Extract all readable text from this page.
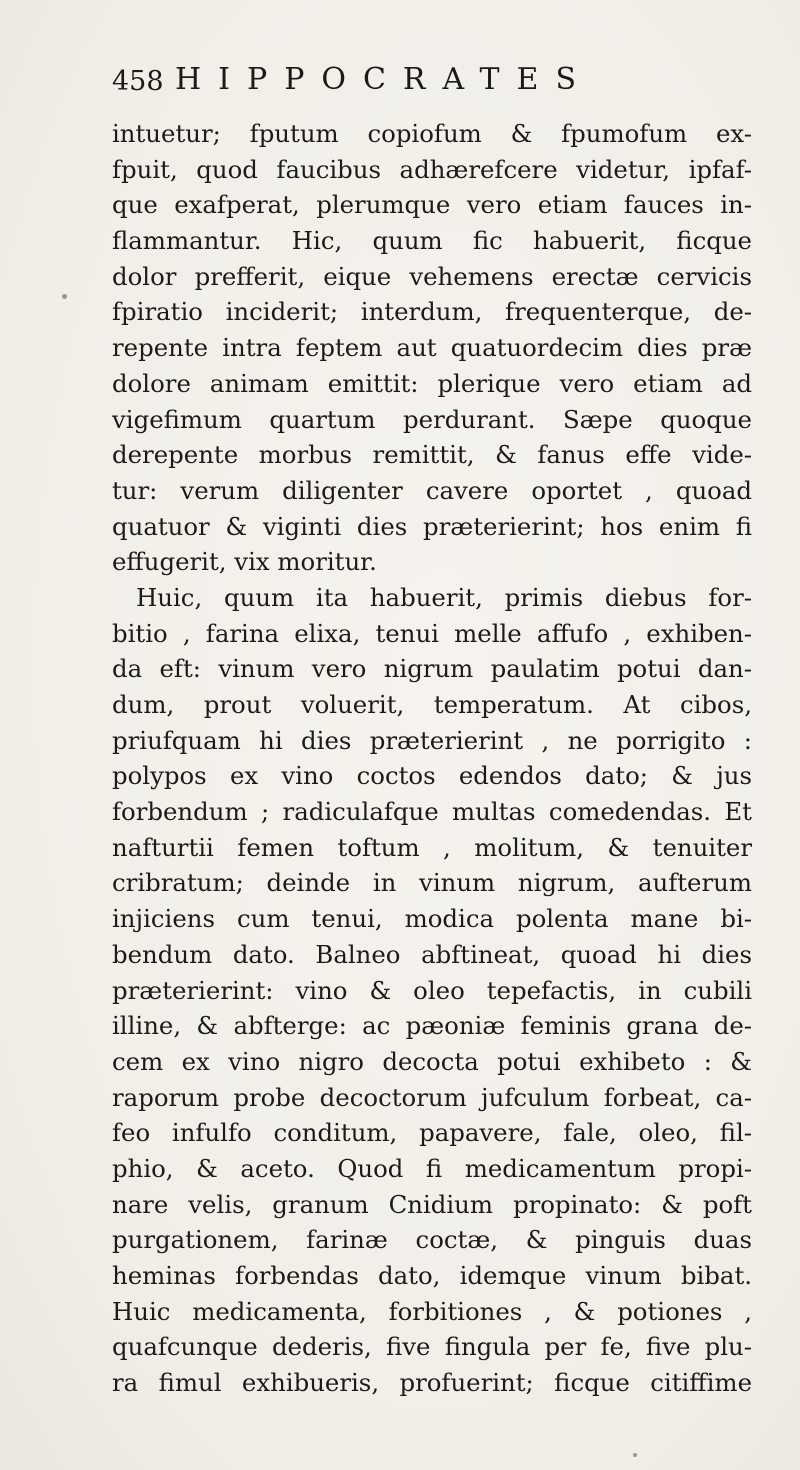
458 HIPPOCRATES
intuetur; fputum copiofum & fpumofum ex-
fpuit, quod faucibus adhærefcere videtur, ipfaf-
que exafperat, plerumque vero etiam fauces in-
flammantur. Hic, quum fic habuerit, ficque
dolor prefferit, eique vehemens erectæ cervicis
fpiratio inciderit; interdum, frequenterque, de-
repente intra feptem aut quatuordecim dies præ
dolore animam emittit: plerique vero etiam ad
vigefimum quartum perdurant. Sæpe quoque
derepente morbus remittit, & fanus effe vide-
tur: verum diligenter cavere oportet , quoad
quatuor & viginti dies præterierint; hos enim fi
effugerit, vix moritur.
Huic, quum ita habuerit, primis diebus for-
bitio , farina elixa, tenui melle affufo , exhiben-
da eft: vinum vero nigrum paulatim potui dan-
dum, prout voluerit, temperatum. At cibos,
priufquam hi dies præterierint , ne porrigito :
polypos ex vino coctos edendos dato; & jus
forbendum ; radiculafque multas comedendas. Et
nafturtii femen toftum , molitum, & tenuiter
cribratum; deinde in vinum nigrum, aufterum
injiciens cum tenui, modica polenta mane bi-
bendum dato. Balneo abftineat, quoad hi dies
præterierint: vino & oleo tepefactis, in cubili
illine, & abfterge: ac pæoniæ feminis grana de-
cem ex vino nigro decocta potui exhibeto : &
raporum probe decoctorum jufculum forbeat, ca-
feo infulfo conditum, papavere, fale, oleo, fil-
phio, & aceto. Quod fi medicamentum propi-
nare velis, granum Cnidium propinato: & poft
purgationem, farinæ coctæ, & pinguis duas
heminas forbendas dato, idemque vinum bibat.
Huic medicamenta, forbitiones , & potiones ,
quafcunque dederis, five fingula per fe, five plu-
ra fimul exhibueris, profuerint; ficque citiffime
